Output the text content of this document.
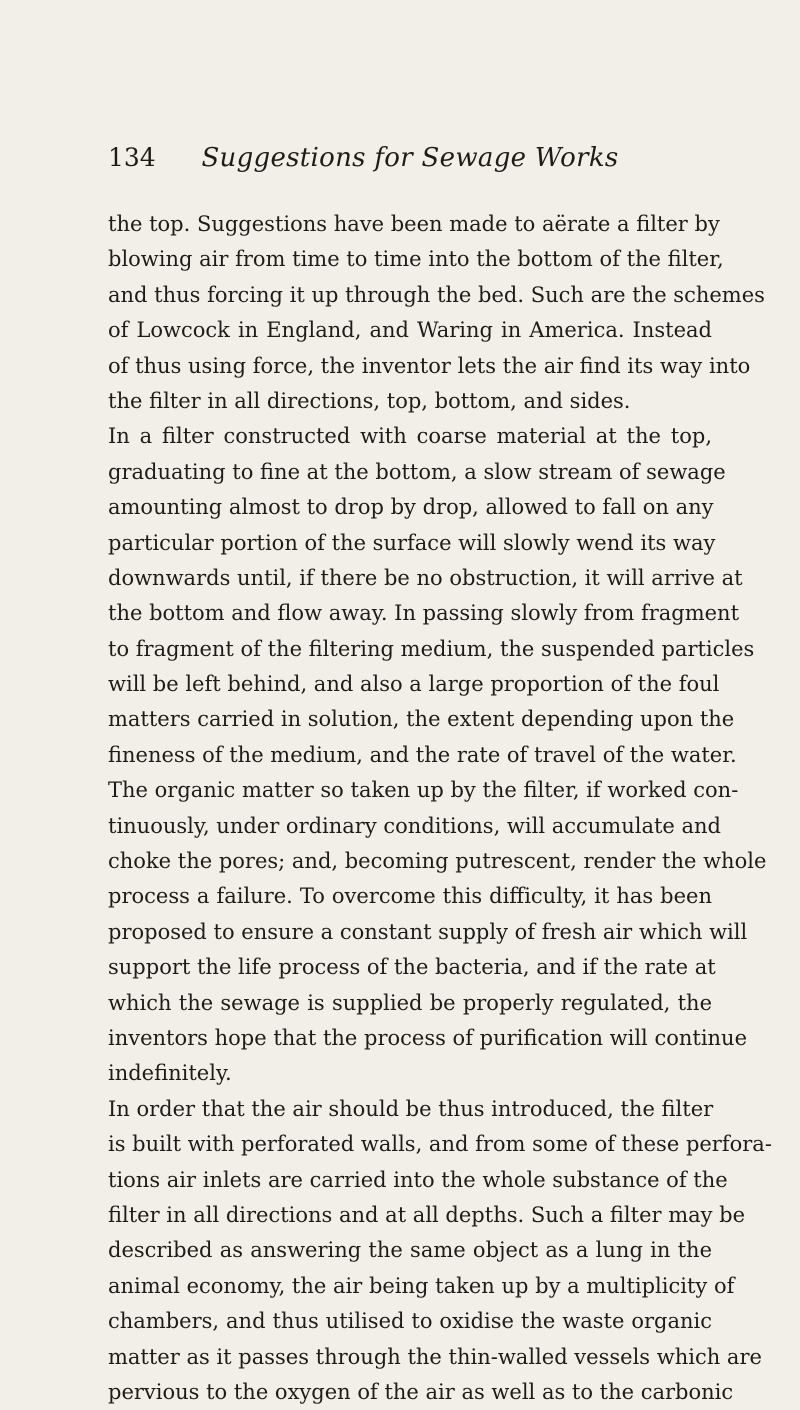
134	Suggestions for Sewage Works
the top. Suggestions have been made to aërate a filter by
blowing air from time to time into the bottom of the filter,
and thus forcing it up through the bed. Such are the schemes
of Lowcock in England, and Waring in America. Instead
of thus using force, the inventor lets the air find its way into
the filter in all directions, top, bottom, and sides.
In a filter constructed with coarse material at the top,
graduating to fine at the bottom, a slow stream of sewage
amounting almost to drop by drop, allowed to fall on any
particular portion of the surface will slowly wend its way
downwards until, if there be no obstruction, it will arrive at
the bottom and flow away. In passing slowly from fragment
to fragment of the filtering medium, the suspended particles
will be left behind, and also a large proportion of the foul
matters carried in solution, the extent depending upon the
fineness of the medium, and the rate of travel of the water.
The organic matter so taken up by the filter, if worked con-
tinuously, under ordinary conditions, will accumulate and
choke the pores; and, becoming putrescent, render the whole
process a failure. To overcome this difficulty, it has been
proposed to ensure a constant supply of fresh air which will
support the life process of the bacteria, and if the rate at
which the sewage is supplied be properly regulated, the
inventors hope that the process of purification will continue
indefinitely.
In order that the air should be thus introduced, the filter
is built with perforated walls, and from some of these perfora-
tions air inlets are carried into the whole substance of the
filter in all directions and at all depths. Such a filter may be
described as answering the same object as a lung in the
animal economy, the air being taken up by a multiplicity of
chambers, and thus utilised to oxidise the waste organic
matter as it passes through the thin-walled vessels which are
pervious to the oxygen of the air as well as to the carbonic
